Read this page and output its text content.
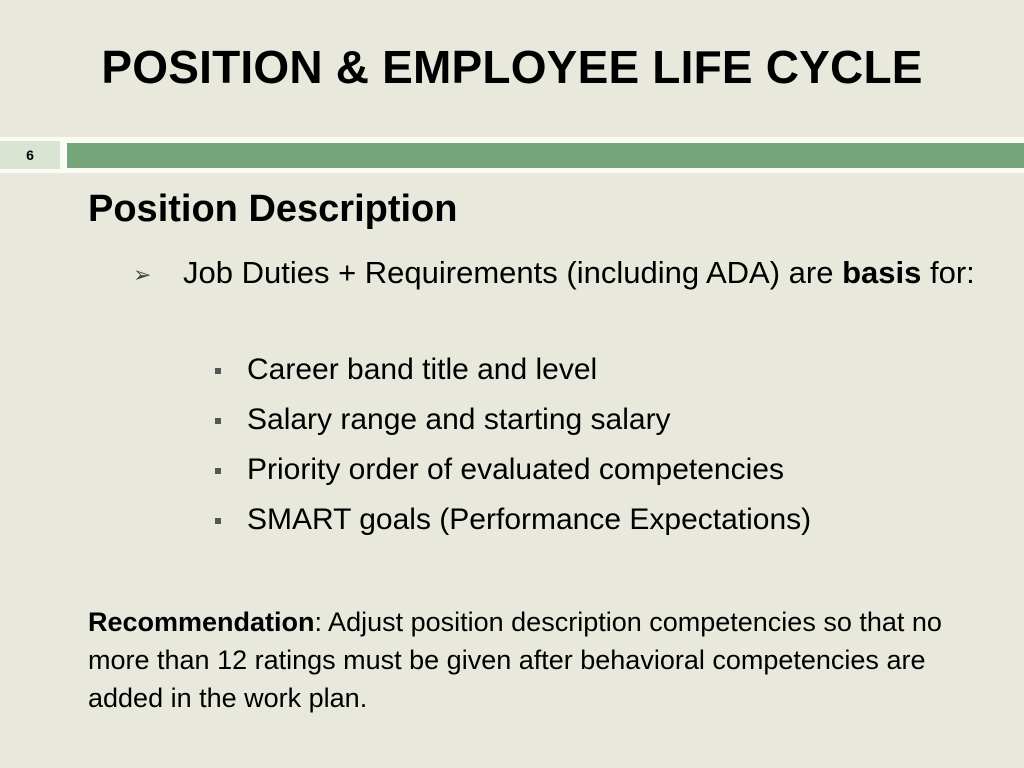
POSITION & EMPLOYEE LIFE CYCLE
6
Position Description
➢ Job Duties + Requirements (including ADA) are basis for:
Career band title and level
Salary range and starting salary
Priority order of evaluated competencies
SMART goals (Performance Expectations)
Recommendation: Adjust position description competencies so that no more than 12 ratings must be given after behavioral competencies are added in the work plan.
